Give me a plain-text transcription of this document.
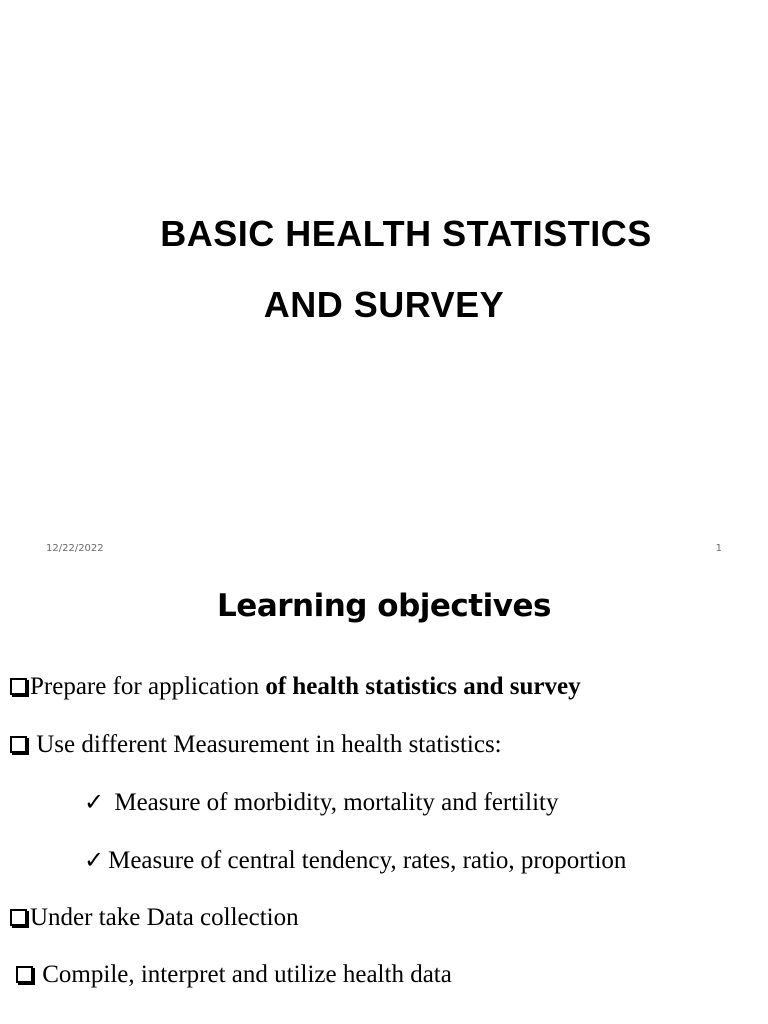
BASIC HEALTH STATISTICS
AND SURVEY
12/22/2022	1
Learning objectives
Prepare for application of health statistics and survey
Use different Measurement in health statistics:
✓ Measure of morbidity, mortality and fertility
✓ Measure of central tendency, rates, ratio, proportion
Under take Data collection
Compile, interpret and utilize health data
